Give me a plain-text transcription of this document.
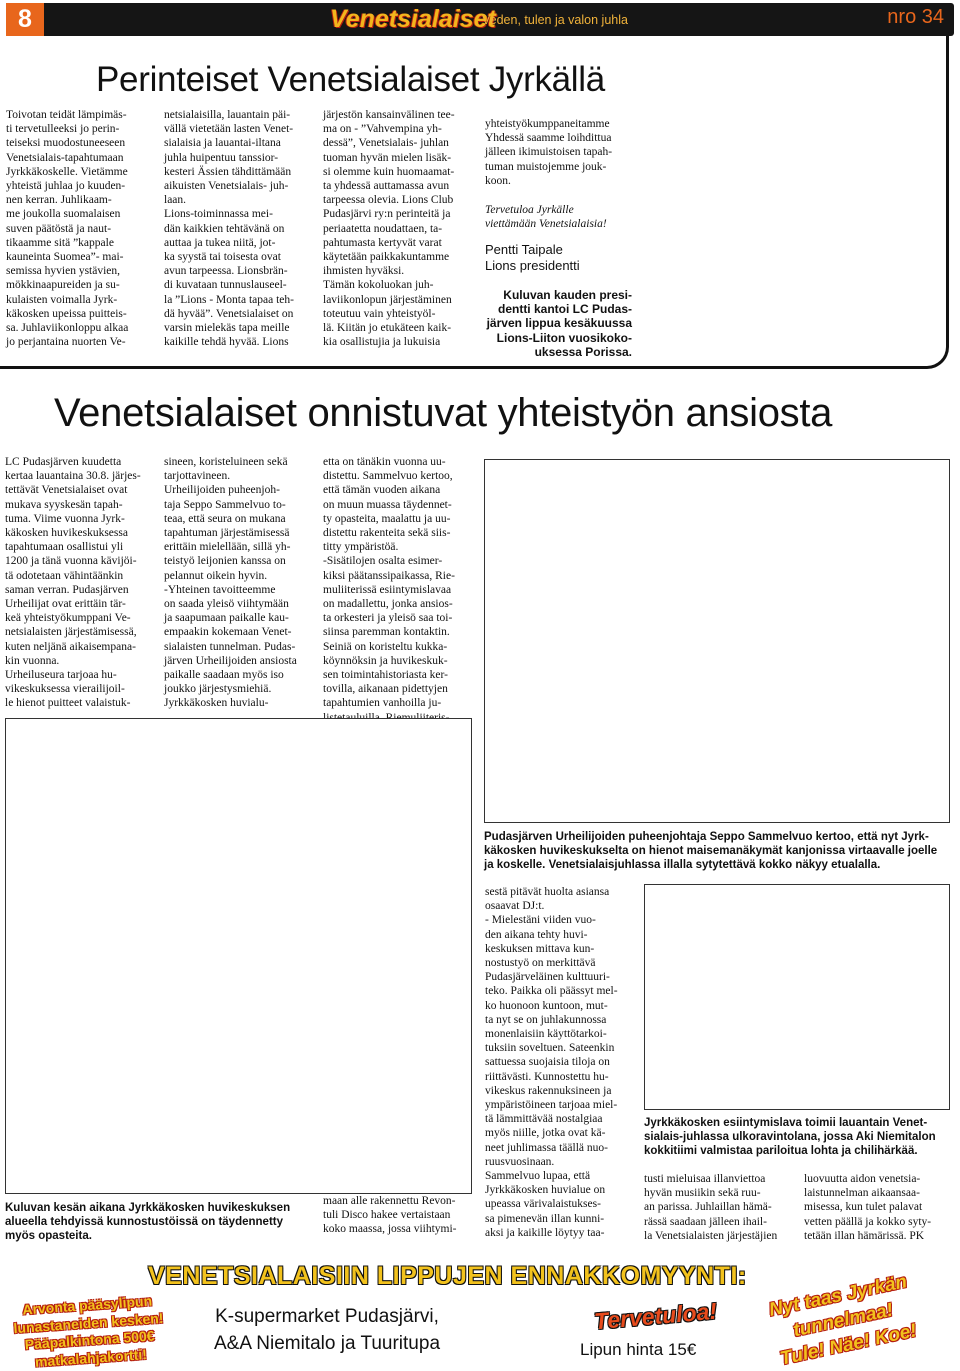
8	Venetsialaiset
Veden, tulen ja valon juhla	nro 34
Perinteiset Venetsialaiset Jyrkällä
Toivotan teidät lämpimäs-
ti tervetulleeksi jo perin-
teiseksi muodostuneeseen
Venetsialais-tapahtumaan
Jyrkkäkoskelle. Vietämme
yhteistä juhlaa jo kuuden-
nen kerran. Juhlikaam-
me joukolla suomalaisen
suven päätöstä ja naut-
tikaamme sitä ”kappale
kauneinta Suomea”- mai-
semissa hyvien ystävien,
mökkinaapureiden ja su-
kulaisten voimalla Jyrk-
käkosken upeissa puitteis-
sa. Juhlaviikonloppu alkaa
jo perjantaina nuorten Ve-
netsialaisilla, lauantain päi-
vällä vietetään lasten Venet-
sialaisia ja lauantai-iltana
juhla huipentuu tanssior-
kesteri Ässien tähdittämään
aikuisten Venetsialais- juh-
laan.
Lions-toiminnassa mei-
dän kaikkien tehtävänä on
auttaa ja tukea niitä, jot-
ka syystä tai toisesta ovat
avun tarpeessa. Lionsbrän-
di kuvataan tunnuslauseel-
la ”Lions - Monta tapaa teh-
dä hyvää”. Venetsialaiset on
varsin mielekäs tapa meille
kaikille tehdä hyvää. Lions
järjestön kansainvälinen tee-
ma on - ”Vahvempina yh-
dessä”, Venetsialais- juhlan
tuoman hyvän mielen lisäk-
si olemme kuin huomaamat-
ta yhdessä auttamassa avun
tarpeessa olevia. Lions Club
Pudasjärvi ry:n perinteitä ja
periaatetta noudattaen, ta-
pahtumasta kertyvät varat
käytetään paikkakuntamme
ihmisten hyväksi.
Tämän kokoluokan juh-
laviikonlopun järjestäminen
toteutuu vain yhteistyöl-
lä. Kiitän jo etukäteen kaik-
kia osallistujia ja lukuisia
yhteistyökumppaneitamme
Yhdessä saamme loihdittua
jälleen ikimuistoisen tapah-
tuman muistojemme jouk-
koon.
Tervetuloa Jyrkälle
viettämään Venetsialaisia!
Pentti Taipale
Lions presidentti
Kuluvan kauden presi-
dentti kantoi LC Pudas-
järven lippua kesäkuussa
Lions-Liiton vuosikoko-
uksessa Porissa.
Venetsialaiset onnistuvat yhteistyön ansiosta
LC Pudasjärven kuudetta
kertaa lauantaina 30.8. järjes-
tettävät Venetsialaiset ovat
mukava syyskesän tapah-
tuma. Viime vuonna Jyrk-
käkosken huvikeskuksessa
tapahtumaan osallistui yli
1200 ja tänä vuonna kävijöi-
tä odotetaan vähintäänkin
saman verran. Pudasjärven
Urheilijat ovat erittäin tär-
keä yhteistyökumppani Ve-
netsialaisten järjestämisessä,
kuten neljänä aikaisempana-
kin vuonna.
Urheiluseura tarjoaa hu-
vikeskuksessa vierailijoil-
le hienot puitteet valaistuk-
sineen, koristeluineen sekä
tarjottavineen.
Urheilijoiden puheenjoh-
taja Seppo Sammelvuo to-
teaa, että seura on mukana
tapahtuman järjestämisessä
erittäin mielellään, sillä yh-
teistyö leijonien kanssa on
pelannut oikein hyvin.
-Yhteinen tavoitteemme
on saada yleisö viihtymään
ja saapumaan paikalle kau-
empaakin kokemaan Venet-
sialaisten tunnelman. Pudas-
järven Urheilijoiden ansiosta
paikalle saadaan myös iso
joukko järjestysmiehiä.
Jyrkkäkosken huvialu-
etta on tänäkin vuonna uu-
distettu. Sammelvuo kertoo,
että tämän vuoden aikana
on muun muassa täydennet-
ty opasteita, maalattu ja uu-
distettu rakenteita sekä siis-
titty ympäristöä.
-Sisätilojen osalta esimer-
kiksi päätanssipaikassa, Rie-
muliiterissä esiintymislavaa
on madallettu, jonka ansios-
ta orkesteri ja yleisö saa toi-
siinsa paremman kontaktin.
Seiniä on koristeltu kukka-
köynnöksin ja huvikeskuk-
sen toimintahistoriasta ker-
tovilla, aikanaan pidettyjen
tapahtumien vanhoilla ju-

maan alle rakennettu Revon-
tuli Disco hakee vertaistaan
koko maassa, jossa viihtymi-
Pudasjärven Urheilijoiden puheenjohtaja Seppo Sammelvuo kertoo, että nyt Jyrk-
käkosken huvikeskukselta on hienot maisemanäkymät kanjonissa virtaavalle joelle
ja koskelle. Venetsialaisjuhlassa illalla sytytettävä kokko näkyy etualalla.
sestä pitävät huolta asiansa
osaavat DJ:t.
- Mielestäni viiden vuo-
den aikana tehty huvi-
keskuksen mittava kun-
nostustyö on merkittävä
Pudasjärveläinen kulttuuri-
teko. Paikka oli päässyt mel-
ko huonoon kuntoon, mut-
ta nyt se on juhlakunnossa
monenlaisiin käyttötarkoi-
tuksiin soveltuen. Sateenkin
sattuessa suojaisia tiloja on
riittävästi. Kunnostettu hu-
vikeskus rakennuksineen ja
ympäristöineen tarjoaa miel-
tä lämmittävää nostalgiaa
myös niille, jotka ovat kä-
neet juhlimassa täällä nuo-
ruusvuosinaan.
Sammelvuo lupaa, että
Jyrkkäkosken huvialue on
upeassa värivalaistukses-
sa pimenevän illan kunni-
aksi ja kaikille löytyy taa-
Jyrkkäkosken esiintymislava toimii lauantain Venet-
sialais-juhlassa ulkoravintolana, jossa Aki Niemitalon
kokkitiimi valmistaa pariloitua lohta ja chilihärkää.
tusti mieluisaa illanviettoa
hyvän musiikin sekä ruu-
an parissa. Juhlaillan hämä-
rässä saadaan jälleen ihail-
la Venetsialaisten järjestäjien
luovuutta aidon venetsia-
laistunnelman aikaansaa-
misessa, kun tulet palavat
vetten päällä ja kokko syty-
tetään illan hämärissä. PK
Kuluvan kesän aikana Jyrkkäkosken huvikeskuksen
alueella tehdyissä kunnostustöissä on täydennetty
myös opasteita.
VENETSIALAISIIN LIPPUJEN ENNAKKOMYYNTI:
Arvonta pääsylipun
lunastaneiden kesken!
Pääpalkintona 500€
matkalahjakortti!
K-supermarket Pudasjärvi,
A&A Niemitalo ja Tuuritupa
Tervetuloa!
Lipun hinta 15€
Nyt taas Jyrkän
tunnelmaa!
Tule! Näe! Koe!
